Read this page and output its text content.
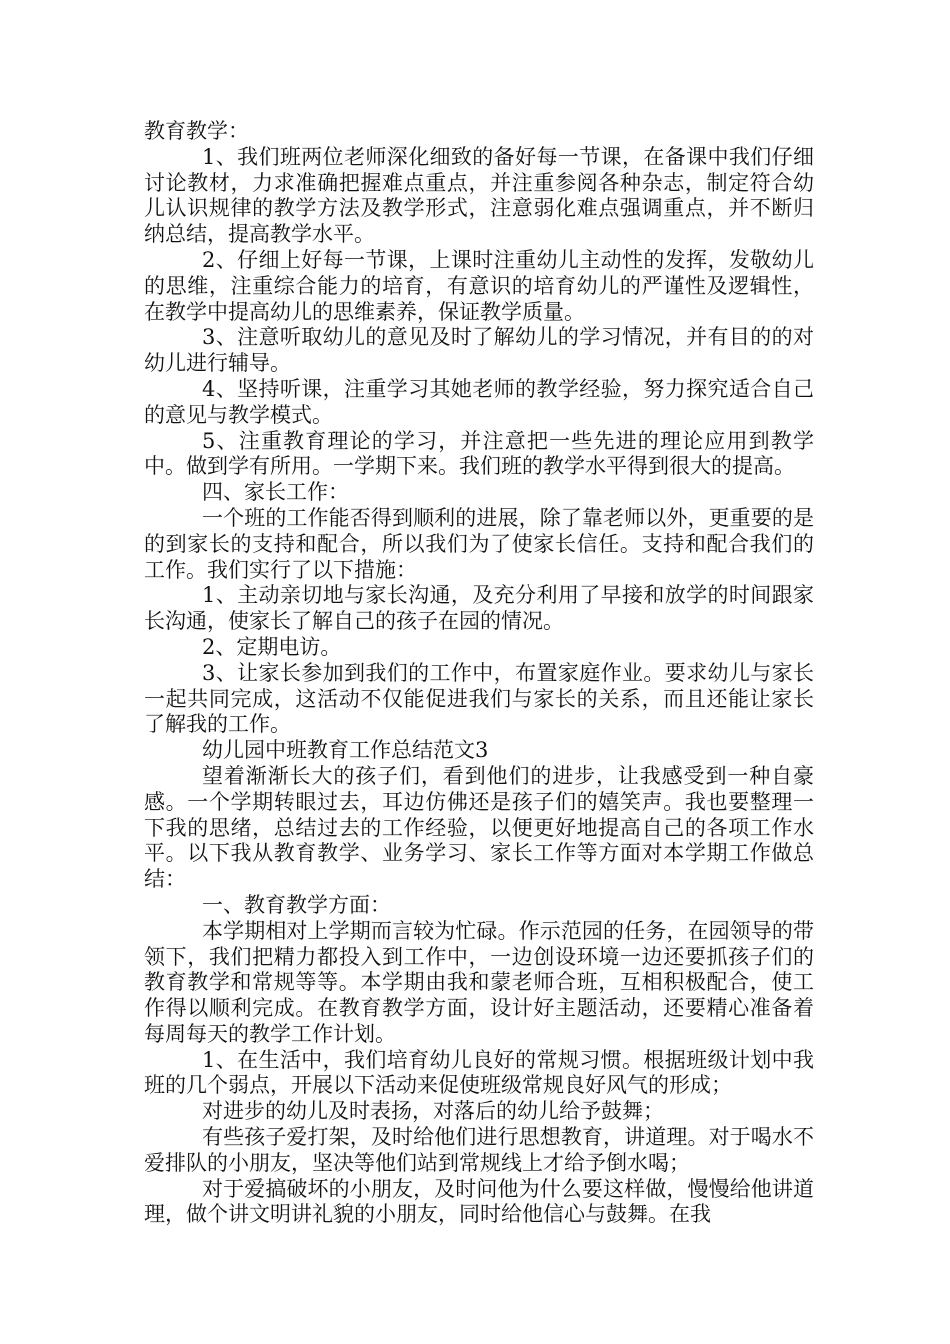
教育教学：

1、我们班两位老师深化细致的备好每一节课，在备课中我们仔细讨论教材，力求准确把握难点重点，并注重参阅各种杂志，制定符合幼儿认识规律的教学方法及教学形式，注意弱化难点强调重点，并不断归纳总结，提高教学水平。

2、仔细上好每一节课，上课时注重幼儿主动性的发挥，发敬幼儿的思维，注重综合能力的培育，有意识的培育幼儿的严谨性及逻辑性，在教学中提高幼儿的思维素养，保证教学质量。

3、注意听取幼儿的意见及时了解幼儿的学习情况，并有目的的对幼儿进行辅导。

4、坚持听课，注重学习其她老师的教学经验，努力探究适合自己的意见与教学模式。

5、注重教育理论的学习，并注意把一些先进的理论应用到教学中。做到学有所用。一学期下来。我们班的教学水平得到很大的提高。

四、家长工作：

一个班的工作能否得到顺利的进展，除了靠老师以外，更重要的是的到家长的支持和配合，所以我们为了使家长信任。支持和配合我们的工作。我们实行了以下措施：

1、主动亲切地与家长沟通，及充分利用了早接和放学的时间跟家长沟通，使家长了解自己的孩子在园的情况。

2、定期电访。

3、让家长参加到我们的工作中，布置家庭作业。要求幼儿与家长一起共同完成，这活动不仅能促进我们与家长的关系，而且还能让家长了解我的工作。

幼儿园中班教育工作总结范文3

望着渐渐长大的孩子们，看到他们的进步，让我感受到一种自豪感。一个学期转眼过去，耳边仿佛还是孩子们的嬉笑声。我也要整理一下我的思绪，总结过去的工作经验，以便更好地提高自己的各项工作水平。以下我从教育教学、业务学习、家长工作等方面对本学期工作做总结：

一、教育教学方面：

本学期相对上学期而言较为忙碌。作示范园的任务，在园领导的带领下，我们把精力都投入到工作中，一边创设环境一边还要抓孩子们的教育教学和常规等等。本学期由我和蒙老师合班，互相积极配合，使工作得以顺利完成。在教育教学方面，设计好主题活动，还要精心准备着每周每天的教学工作计划。

1、在生活中，我们培育幼儿良好的常规习惯。根据班级计划中我班的几个弱点，开展以下活动来促使班级常规良好风气的形成；

对进步的幼儿及时表扬，对落后的幼儿给予鼓舞；

有些孩子爱打架，及时给他们进行思想教育，讲道理。对于喝水不爱排队的小朋友，坚决等他们站到常规线上才给予倒水喝；

对于爱搞破坏的小朋友，及时问他为什么要这样做，慢慢给他讲道理，做个讲文明讲礼貌的小朋友，同时给他信心与鼓舞。在我
